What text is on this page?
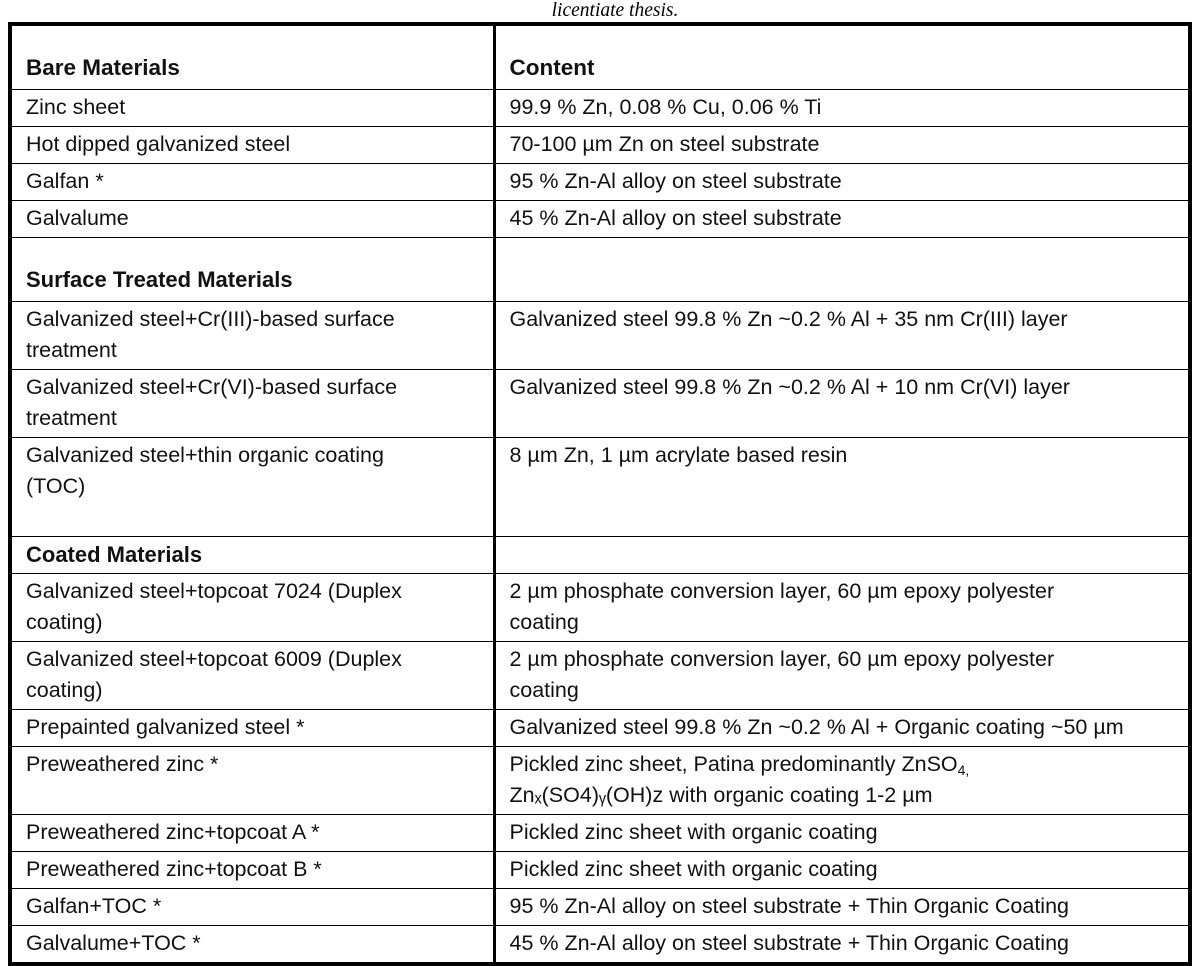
licentiate thesis.
Bare Materials	Content

Zinc sheet	99.9 % Zn, 0.08 % Cu, 0.06 % Ti

Hot dipped galvanized steel	70-100 µm Zn on steel substrate

Galfan *	95 % Zn-Al alloy on steel substrate

Galvalume	45 % Zn-Al alloy on steel substrate

Surface Treated Materials	

Galvanized steel+Cr(III)-based surface
treatment	Galvanized steel 99.8 % Zn ~0.2 % Al + 35 nm Cr(III) layer

Galvanized steel+Cr(VI)-based surface
treatment	Galvanized steel 99.8 % Zn ~0.2 % Al + 10 nm Cr(VI) layer

Galvanized steel+thin organic coating
(TOC)	8 µm Zn, 1 µm acrylate based resin

Coated Materials	

Galvanized steel+topcoat 7024 (Duplex
coating)	2 µm phosphate conversion layer, 60 µm epoxy polyester
coating

Galvanized steel+topcoat 6009 (Duplex
coating)	2 µm phosphate conversion layer, 60 µm epoxy polyester
coating

Prepainted galvanized steel *	Galvanized steel 99.8 % Zn ~0.2 % Al + Organic coating ~50 µm

Preweathered zinc *	Pickled zinc sheet, Patina predominantly ZnSO$_{4,}$
Znₓ(SO4)ᵧ(OH)ᴢ with organic coating 1-2 µm

Preweathered zinc+topcoat A *	Pickled zinc sheet with organic coating

Preweathered zinc+topcoat B *	Pickled zinc sheet with organic coating

Galfan+TOC *	95 % Zn-Al alloy on steel substrate + Thin Organic Coating

Galvalume+TOC *	45 % Zn-Al alloy on steel substrate + Thin Organic Coating
